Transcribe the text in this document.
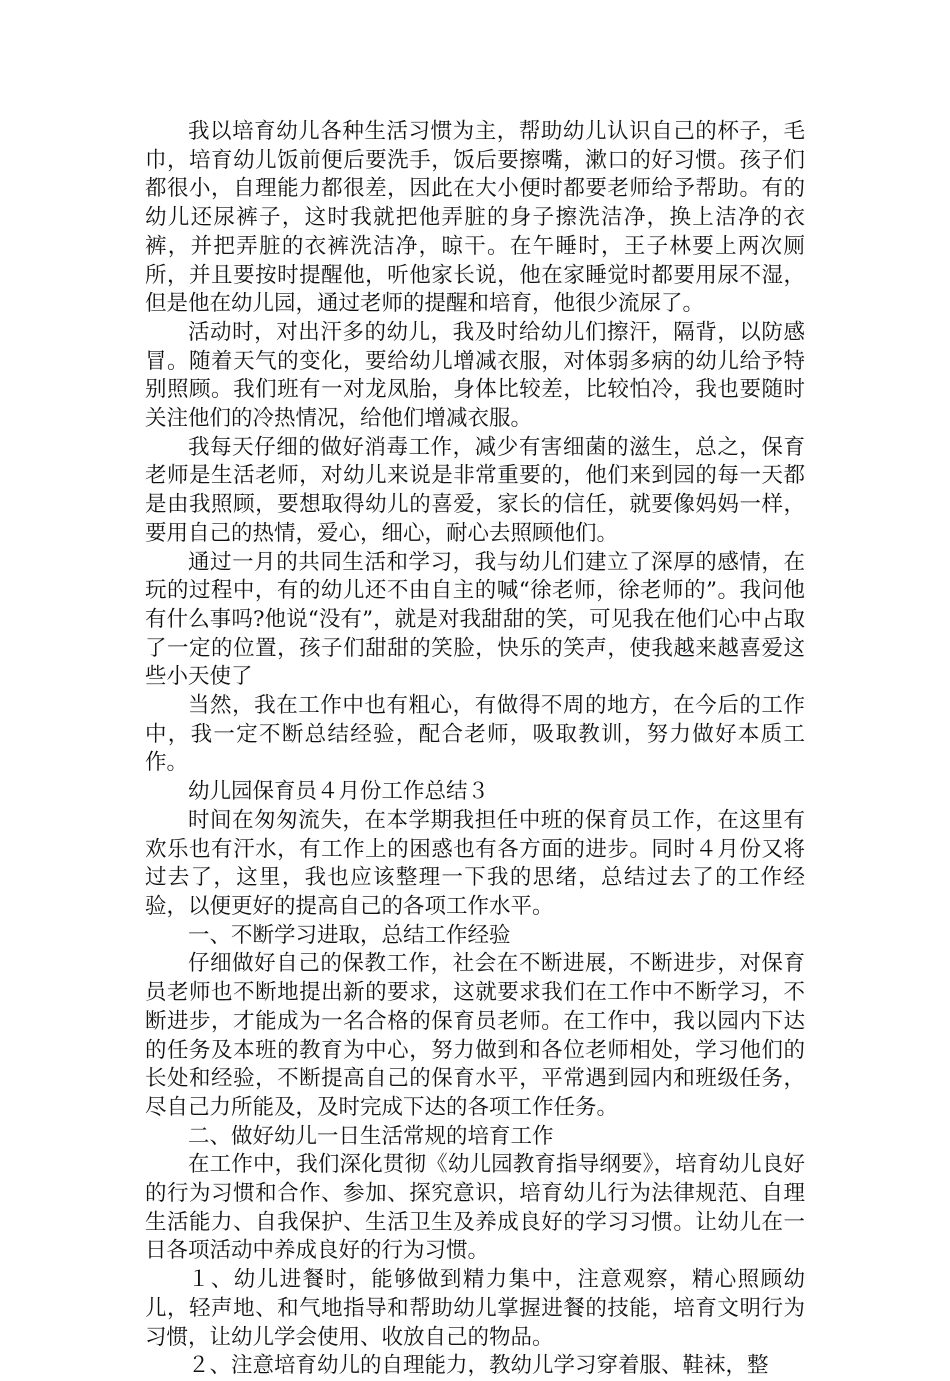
我以培育幼儿各种生活习惯为主，帮助幼儿认识自己的杯子，毛巾，培育幼儿饭前便后要洗手，饭后要擦嘴，漱口的好习惯。孩子们都很小，自理能力都很差，因此在大小便时都要老师给予帮助。有的幼儿还尿裤子，这时我就把他弄脏的身子擦洗洁净，换上洁净的衣裤，并把弄脏的衣裤洗洁净，晾干。在午睡时，王子林要上两次厕所，并且要按时提醒他，听他家长说，他在家睡觉时都要用尿不湿，但是他在幼儿园，通过老师的提醒和培育，他很少流尿了。

活动时，对出汗多的幼儿，我及时给幼儿们擦汗，隔背，以防感冒。随着天气的变化，要给幼儿增减衣服，对体弱多病的幼儿给予特别照顾。我们班有一对龙凤胎，身体比较差，比较怕冷，我也要随时关注他们的冷热情况，给他们增减衣服。

我每天仔细的做好消毒工作，减少有害细菌的滋生，总之，保育老师是生活老师，对幼儿来说是非常重要的，他们来到园的每一天都是由我照顾，要想取得幼儿的喜爱，家长的信任，就要像妈妈一样，要用自己的热情，爱心，细心，耐心去照顾他们。

通过一月的共同生活和学习，我与幼儿们建立了深厚的感情，在玩的过程中，有的幼儿还不由自主的喊“徐老师，徐老师的”。我问他有什么事吗?他说“没有”，就是对我甜甜的笑，可见我在他们心中占取了一定的位置，孩子们甜甜的笑脸，快乐的笑声，使我越来越喜爱这些小天使了

当然，我在工作中也有粗心，有做得不周的地方，在今后的工作中，我一定不断总结经验，配合老师，吸取教训，努力做好本质工作。

幼儿园保育员４月份工作总结３

时间在匆匆流失，在本学期我担任中班的保育员工作，在这里有欢乐也有汗水，有工作上的困惑也有各方面的进步。同时４月份又将过去了，这里，我也应该整理一下我的思绪，总结过去了的工作经验，以便更好的提高自己的各项工作水平。

一、不断学习进取，总结工作经验

仔细做好自己的保教工作，社会在不断进展，不断进步，对保育员老师也不断地提出新的要求，这就要求我们在工作中不断学习，不断进步，才能成为一名合格的保育员老师。在工作中，我以园内下达的任务及本班的教育为中心，努力做到和各位老师相处，学习他们的长处和经验，不断提高自己的保育水平，平常遇到园内和班级任务，尽自己力所能及，及时完成下达的各项工作任务。

二、做好幼儿一日生活常规的培育工作

在工作中，我们深化贯彻《幼儿园教育指导纲要》，培育幼儿良好的行为习惯和合作、参加、探究意识，培育幼儿行为法律规范、自理生活能力、自我保护、生活卫生及养成良好的学习习惯。让幼儿在一日各项活动中养成良好的行为习惯。

１、幼儿进餐时，能够做到精力集中，注意观察，精心照顾幼儿，轻声地、和气地指导和帮助幼儿掌握进餐的技能，培育文明行为习惯，让幼儿学会使用、收放自己的物品。

２、注意培育幼儿的自理能力，教幼儿学习穿着服、鞋袜，整
